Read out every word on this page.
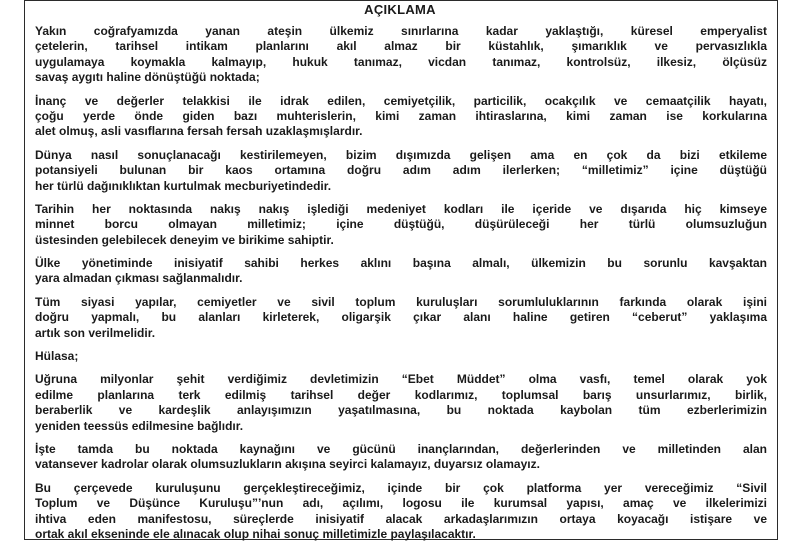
AÇIKLAMA
Yakın coğrafyamızda yanan ateşin ülkemiz sınırlarına kadar yaklaştığı, küresel emperyalist
çetelerin, tarihsel intikam planlarını akıl almaz bir küstahlık, şımarıklık ve pervasızlıkla
uygulamaya koymakla kalmayıp, hukuk tanımaz, vicdan tanımaz, kontrolsüz, ilkesiz, ölçüsüz
savaş aygıtı haline dönüştüğü noktada;
İnanç ve değerler telakkisi ile idrak edilen, cemiyetçilik, particilik, ocakçılık ve cemaatçilik hayatı,
çoğu yerde önde giden bazı muhterislerin, kimi zaman ihtiraslarına, kimi zaman ise korkularına
alet olmuş, asli vasıflarına fersah fersah uzaklaşmışlardır.
Dünya nasıl sonuçlanacağı kestirilemeyen, bizim dışımızda gelişen ama en çok da bizi etkileme
potansiyeli bulunan bir kaos ortamına doğru adım adım ilerlerken; “milletimiz” içine düştüğü
her türlü dağınıklıktan kurtulmak mecburiyetindedir.
Tarihin her noktasında nakış nakış işlediği medeniyet kodları ile içeride ve dışarıda hiç kimseye
minnet borcu olmayan milletimiz; içine düştüğü, düşürüleceği her türlü olumsuzluğun
üstesinden gelebilecek deneyim ve birikime sahiptir.
Ülke yönetiminde inisiyatif sahibi herkes aklını başına almalı, ülkemizin bu sorunlu kavşaktan
yara almadan çıkması sağlanmalıdır.
Tüm siyasi yapılar, cemiyetler ve sivil toplum kuruluşları sorumluluklarının farkında olarak işini
doğru yapmalı, bu alanları kirleterek, oligarşik çıkar alanı haline getiren “ceberut” yaklaşıma
artık son verilmelidir.
Hülasa;
Uğruna milyonlar şehit verdiğimiz devletimizin “Ebet Müddet” olma vasfı, temel olarak yok
edilme planlarına terk edilmiş tarihsel değer kodlarımız, toplumsal barış unsurlarımız, birlik,
beraberlik ve kardeşlik anlayışımızın yaşatılmasına, bu noktada kaybolan tüm ezberlerimizin
yeniden teessüs edilmesine bağlıdır.
İşte tamda bu noktada kaynağını ve gücünü inançlarından, değerlerinden ve milletinden alan
vatansever kadrolar olarak olumsuzlukların akışına seyirci kalamayız, duyarsız olamayız.
Bu çerçevede kuruluşunu gerçekleştireceğimiz, içinde bir çok platforma yer vereceğimiz “Sivil
Toplum ve Düşünce Kuruluşu”’nun adı, açılımı, logosu ile kurumsal yapısı, amaç ve ilkelerimizi
ihtiva eden manifestosu, süreçlerde inisiyatif alacak arkadaşlarımızın ortaya koyacağı istişare ve
ortak akıl ekseninde ele alınacak olup nihai sonuç milletimizle paylaşılacaktır.
